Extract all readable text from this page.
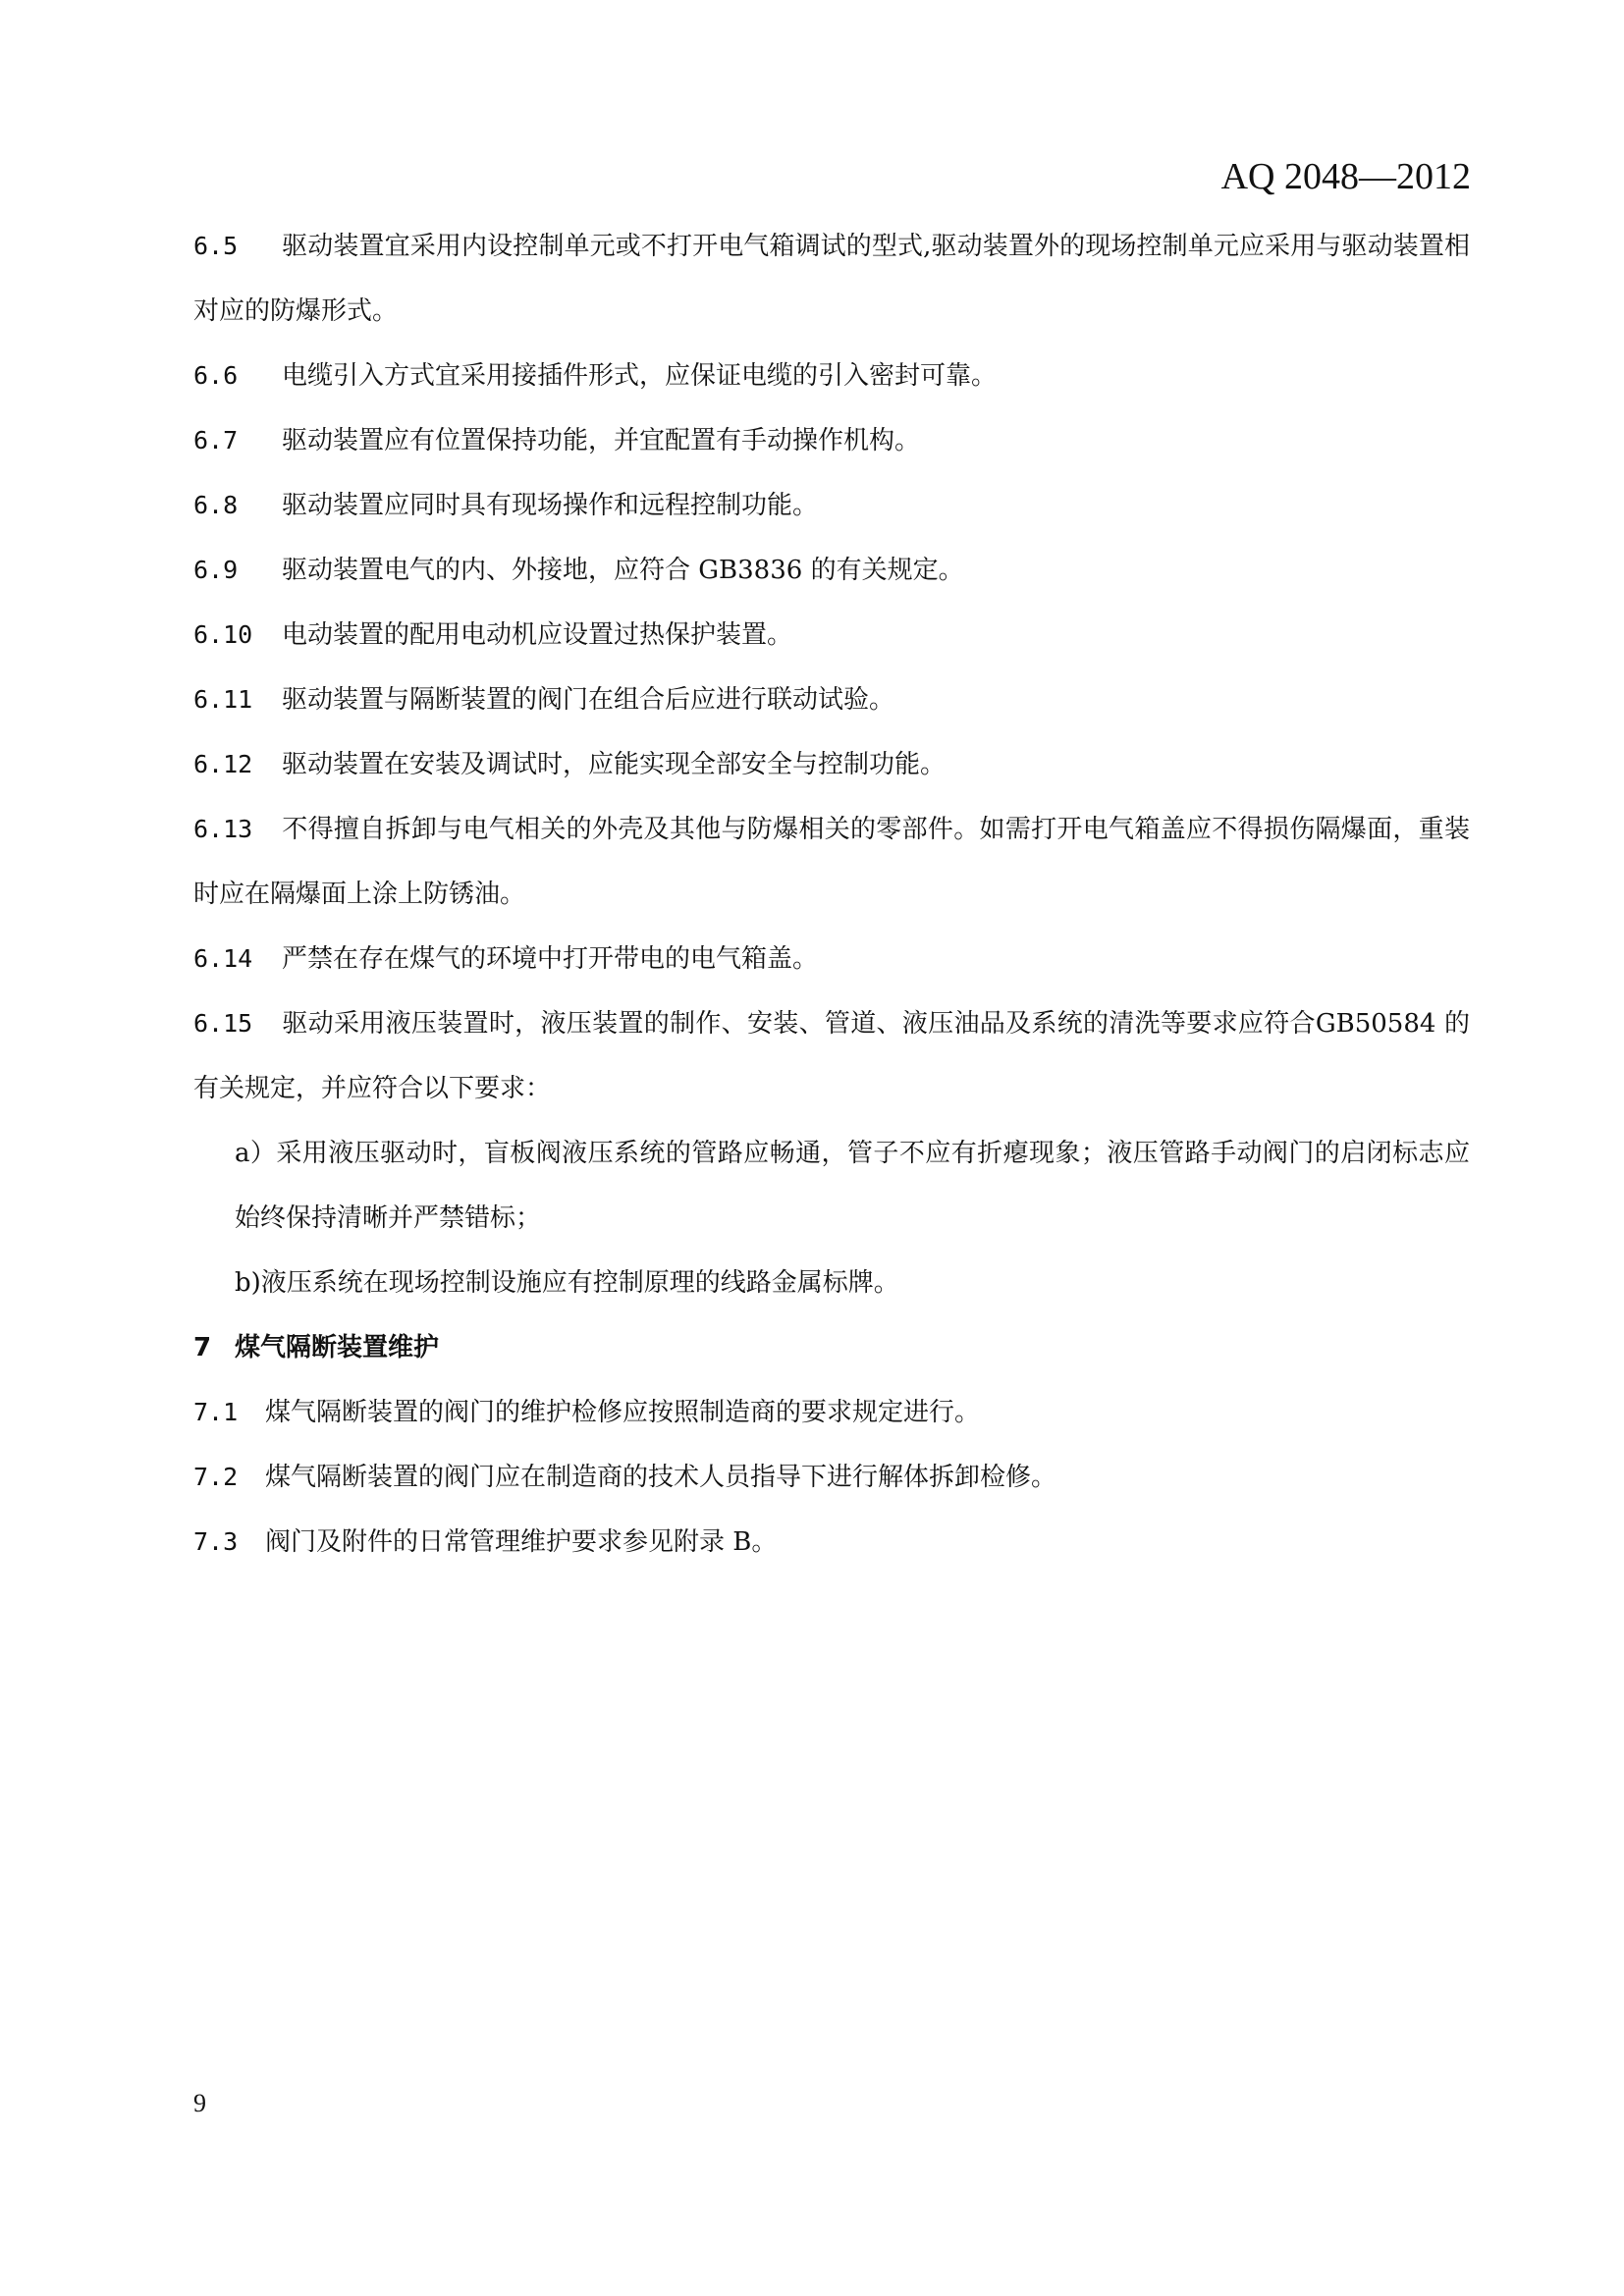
AQ 2048—2012

6.5 驱动装置宜采用内设控制单元或不打开电气箱调试的型式,驱动装置外的现场控制单元应采用与驱动装置相对应的防爆形式。

6.6 电缆引入方式宜采用接插件形式，应保证电缆的引入密封可靠。

6.7 驱动装置应有位置保持功能，并宜配置有手动操作机构。

6.8 驱动装置应同时具有现场操作和远程控制功能。

6.9 驱动装置电气的内、外接地，应符合 GB3836 的有关规定。

6.10 电动装置的配用电动机应设置过热保护装置。

6.11 驱动装置与隔断装置的阀门在组合后应进行联动试验。

6.12 驱动装置在安装及调试时，应能实现全部安全与控制功能。

6.13 不得擅自拆卸与电气相关的外壳及其他与防爆相关的零部件。如需打开电气箱盖应不得损伤隔爆面，重装时应在隔爆面上涂上防锈油。

6.14 严禁在存在煤气的环境中打开带电的电气箱盖。

6.15 驱动采用液压装置时，液压装置的制作、安装、管道、液压油品及系统的清洗等要求应符合GB50584 的有关规定，并应符合以下要求：

a）采用液压驱动时，盲板阀液压系统的管路应畅通，管子不应有折瘪现象；液压管路手动阀门的启闭标志应始终保持清晰并严禁错标；

b)液压系统在现场控制设施应有控制原理的线路金属标牌。

7 煤气隔断装置维护

7.1 煤气隔断装置的阀门的维护检修应按照制造商的要求规定进行。

7.2 煤气隔断装置的阀门应在制造商的技术人员指导下进行解体拆卸检修。

7.3 阀门及附件的日常管理维护要求参见附录 B。

9
